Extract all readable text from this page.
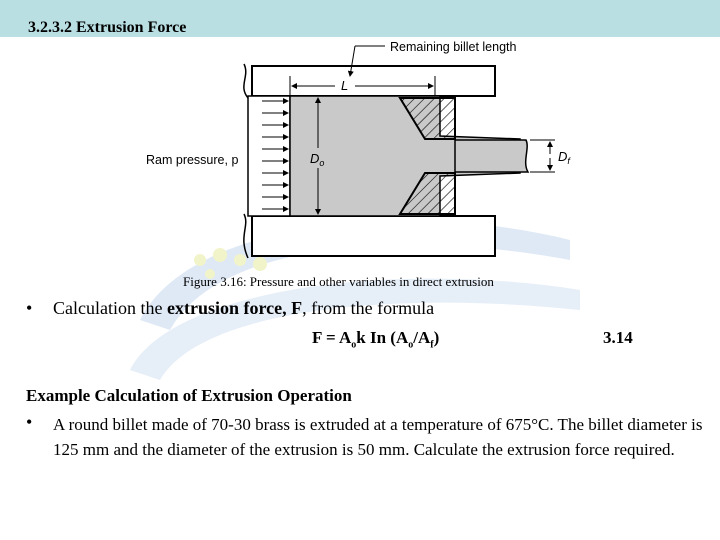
3.2.3.2 Extrusion Force
L
Remaining billet length
$D_o$
Ram pressure, p	$D_f$
Figure 3.16: Pressure and other variables in direct extrusion
• Calculation the extrusion force, F, from the formula
$F = A_ok$ In $(A_o/A_f)$	3.14
Example Calculation of Extrusion Operation
• A round billet made of 70-30 brass is extruded at a temperature of 675°C. The billet diameter is 125 mm and the diameter of the extrusion is 50 mm. Calculate the extrusion force required.
